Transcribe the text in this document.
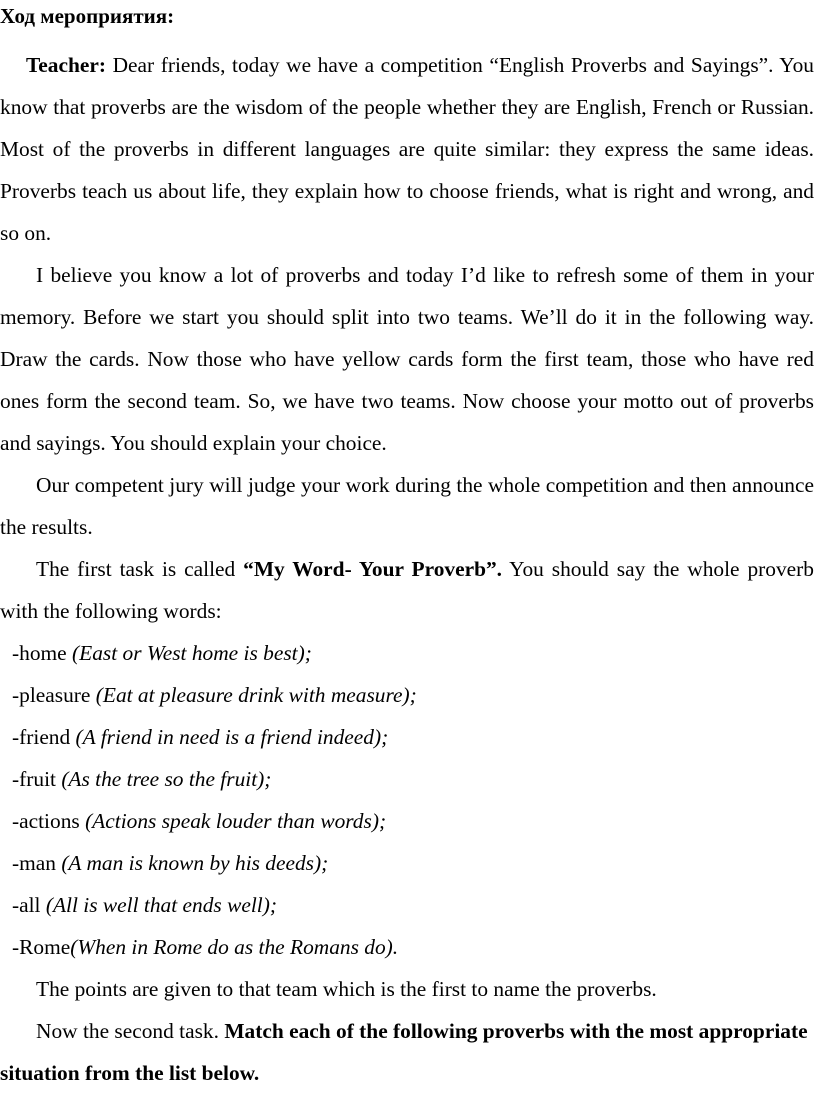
Ход мероприятия:

Teacher: Dear friends, today we have a competition “English Proverbs and Sayings”. You know that proverbs are the wisdom of the people whether they are English, French or Russian. Most of the proverbs in different languages are quite similar: they express the same ideas. Proverbs teach us about life, they explain how to choose friends, what is right and wrong, and so on.

I believe you know a lot of proverbs and today I’d like to refresh some of them in your memory. Before we start you should split into two teams. We’ll do it in the following way. Draw the cards. Now those who have yellow cards form the first team, those who have red ones form the second team. So, we have two teams. Now choose your motto out of proverbs and sayings. You should explain your choice.

Our competent jury will judge your work during the whole competition and then announce the results.

The first task is called “My Word- Your Proverb”. You should say the whole proverb with the following words:

-home (East or West home is best);
-pleasure (Eat at pleasure drink with measure);
-friend (A friend in need is a friend indeed);
-fruit (As the tree so the fruit);
-actions (Actions speak louder than words);
-man (A man is known by his deeds);
-all (All is well that ends well);
-Rome(When in Rome do as the Romans do).

The points are given to that team which is the first to name the proverbs.

Now the second task. Match each of the following proverbs with the most appropriate situation from the list below.
